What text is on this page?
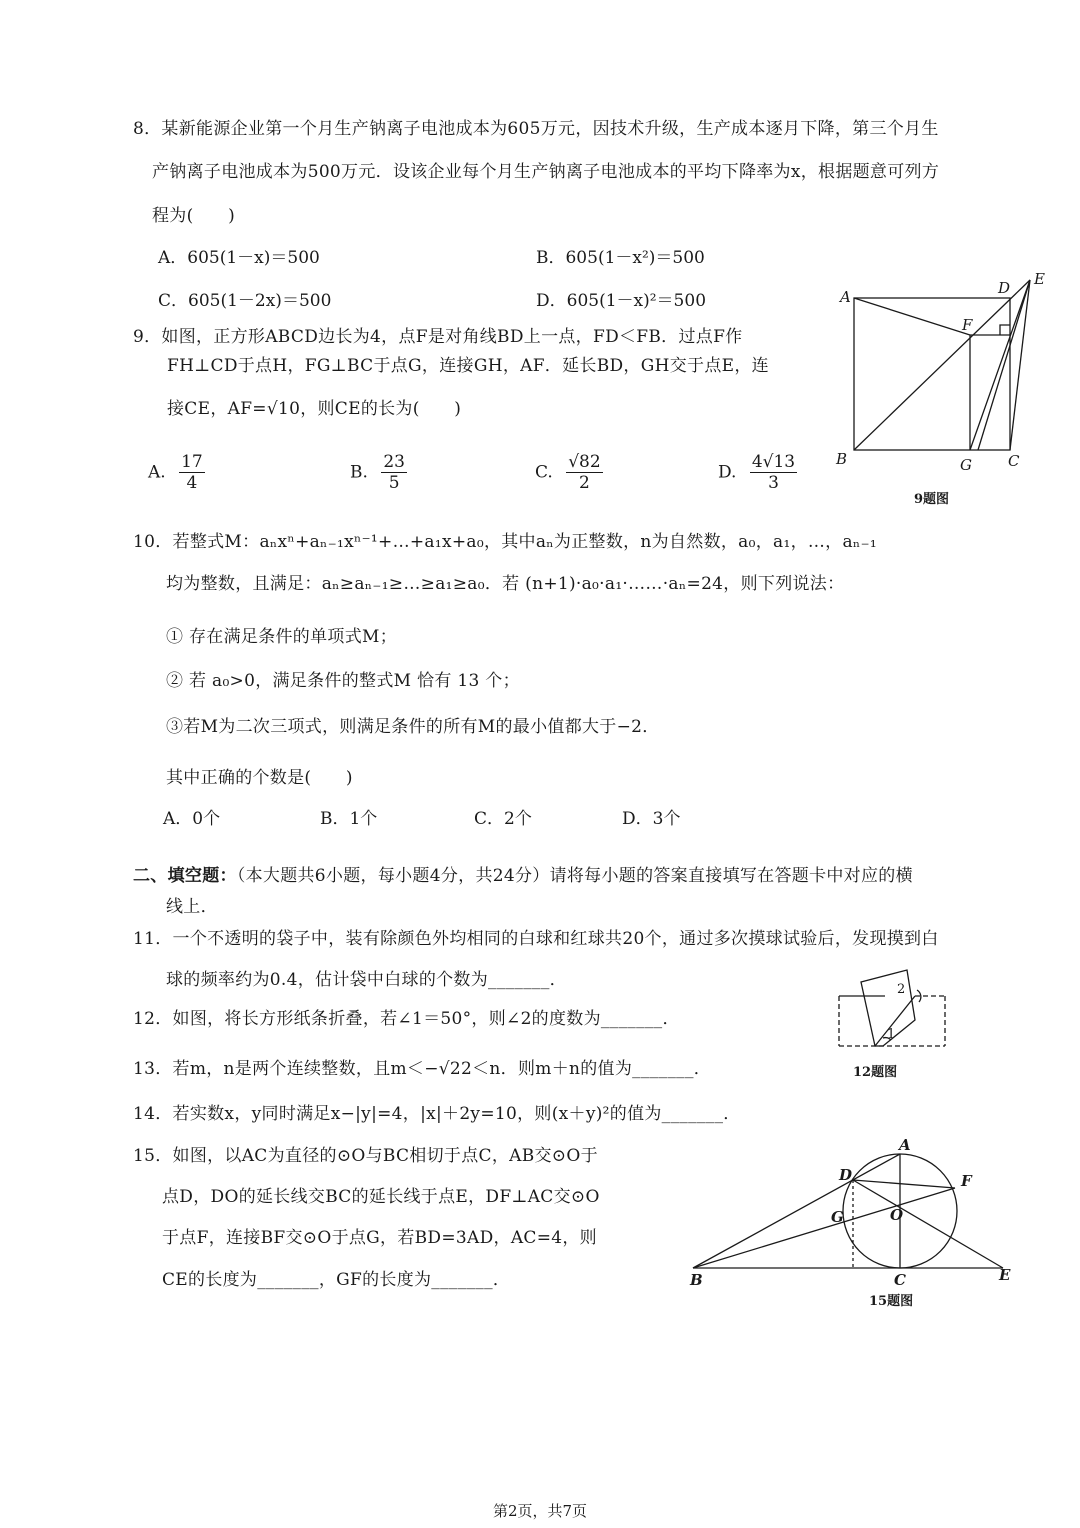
8．某新能源企业第一个月生产钠离子电池成本为605万元，因技术升级，生产成本逐月下降，第三个月生
产钠离子电池成本为500万元．设该企业每个月生产钠离子电池成本的平均下降率为x，根据题意可列方
程为(　　)
A．605(1－x)＝500	B．605(1－x²)＝500
C．605(1－2x)＝500	D．605(1－x)²＝500
9．如图，正方形ABCD边长为4，点F是对角线BD上一点，FD＜FB．过点F作
FH⊥CD于点H，FG⊥BC于点G，连接GH，AF．延长BD，GH交于点E，连
接CE，AF=√10，则CE的长为(　　)
A. $\frac{17}{4}$	B. $\frac{23}{5}$	C. $\frac{√82}{2}$	D. $\frac{4√13}{3}$
A	D E
F
B	G C
9题图
10．若整式M：aₙxⁿ+aₙ₋₁xⁿ⁻¹+…+a₁x+a₀，其中aₙ为正整数，n为自然数，a₀，a₁，…，aₙ₋₁
均为整数，且满足：aₙ≥aₙ₋₁≥…≥a₁≥a₀．若 (n+1)·a₀·a₁·……·aₙ=24，则下列说法：
① 存在满足条件的单项式M；
② 若 a₀>0，满足条件的整式M 恰有 13 个；
③若M为二次三项式，则满足条件的所有M的最小值都大于−2．
其中正确的个数是(　　)
A．0个	B．1个	C．2个	D．3个
二、填空题：（本大题共6小题，每小题4分，共24分）请将每小题的答案直接填写在答题卡中对应的横
线上．
11．一个不透明的袋子中，装有除颜色外均相同的白球和红球共20个，通过多次摸球试验后，发现摸到白
球的频率约为0.4，估计袋中白球的个数为_______．
12．如图，将长方形纸条折叠，若∠1＝50°，则∠2的度数为_______．
2
1
12题图
13．若m，n是两个连续整数，且m＜−√22＜n．则m＋n的值为_______．
14．若实数x，y同时满足x−|y|=4，|x|＋2y=10，则(x＋y)²的值为_______．
15．如图，以AC为直径的⊙O与BC相切于点C，AB交⊙O于
点D，DO的延长线交BC的延长线于点E，DF⊥AC交⊙O
于点F，连接BF交⊙O于点G，若BD=3AD，AC=4，则
CE的长度为_______，GF的长度为_______．
A
D	F
G	O
B	C	E
15题图
第2页，共7页
